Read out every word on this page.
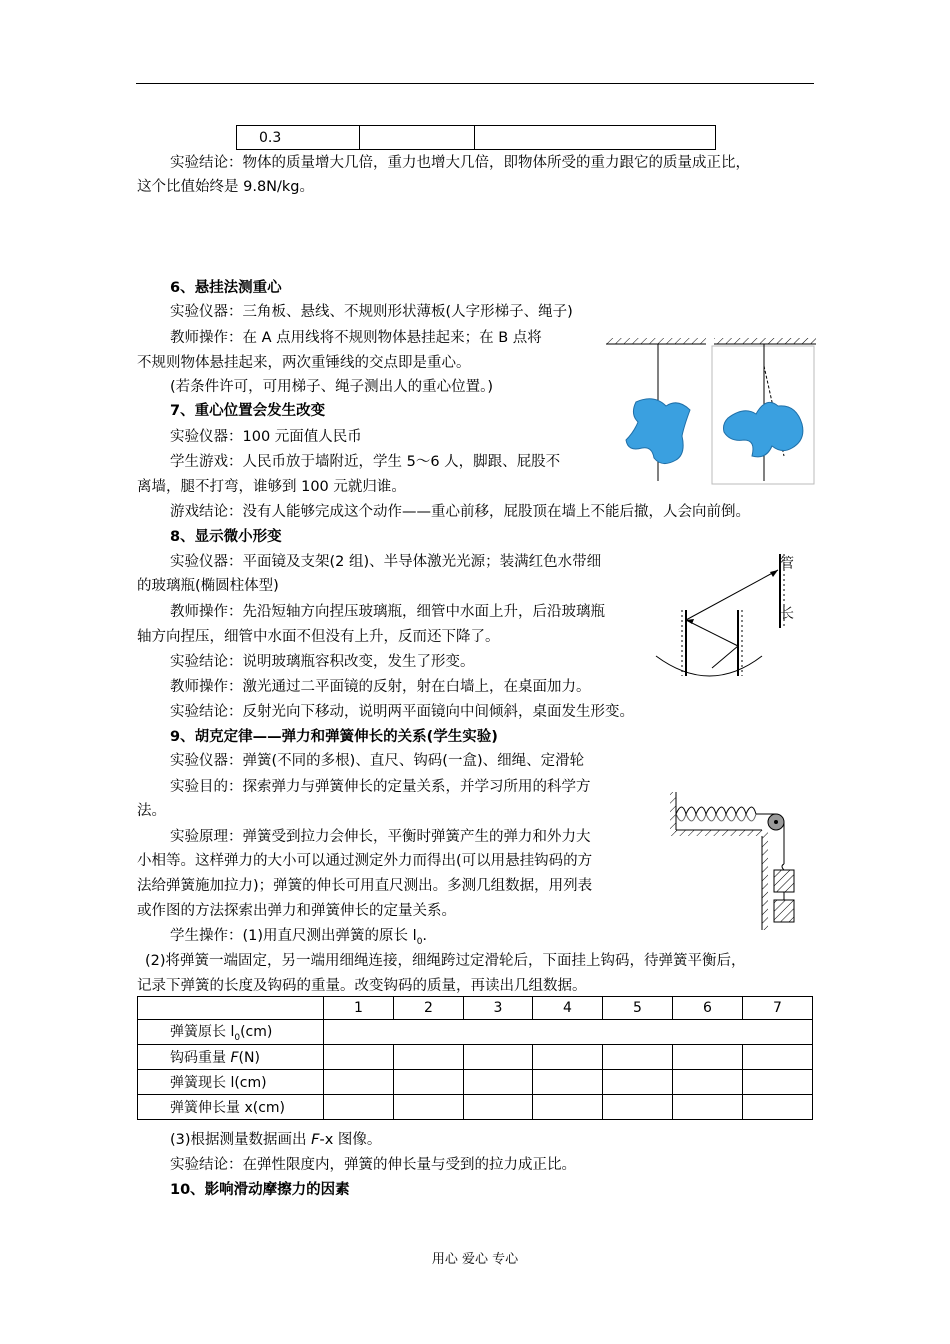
0.3		
实验结论：物体的质量增大几倍，重力也增大几倍，即物体所受的重力跟它的质量成正比，
这个比值始终是 9.8N/kg。
6、悬挂法测重心
实验仪器：三角板、悬线、不规则形状薄板(人字形梯子、绳子)
教师操作：在 A 点用线将不规则物体悬挂起来；在 B 点将
不规则物体悬挂起来，两次重锤线的交点即是重心。
(若条件许可，可用梯子、绳子测出人的重心位置。)
7、重心位置会发生改变
实验仪器：100 元面值人民币
学生游戏：人民币放于墙附近，学生 5～6 人，脚跟、屁股不
离墙，腿不打弯，谁够到 100 元就归谁。
游戏结论：没有人能够完成这个动作——重心前移，屁股顶在墙上不能后撤，人会向前倒。
8、显示微小形变
实验仪器：平面镜及支架(2 组)、半导体激光光源；装满红色水带细
的玻璃瓶(椭圆柱体型)
教师操作：先沿短轴方向捏压玻璃瓶，细管中水面上升，后沿玻璃瓶
轴方向捏压，细管中水面不但没有上升，反而还下降了。
实验结论：说明玻璃瓶容积改变，发生了形变。
教师操作：激光通过二平面镜的反射，射在白墙上，在桌面加力。
实验结论：反射光向下移动，说明两平面镜向中间倾斜，桌面发生形变。
管
长
9、胡克定律——弹力和弹簧伸长的关系(学生实验)
实验仪器：弹簧(不同的多根)、直尺、钩码(一盒)、细绳、定滑轮
实验目的：探索弹力与弹簧伸长的定量关系，并学习所用的科学方
法。
实验原理：弹簧受到拉力会伸长，平衡时弹簧产生的弹力和外力大
小相等。这样弹力的大小可以通过测定外力而得出(可以用悬挂钩码的方
法给弹簧施加拉力)；弹簧的伸长可用直尺测出。多测几组数据，用列表
或作图的方法探索出弹力和弹簧伸长的定量关系。
学生操作：(1)用直尺测出弹簧的原长 $l_0$.
(2)将弹簧一端固定，另一端用细绳连接，细绳跨过定滑轮后，下面挂上钩码，待弹簧平衡后，
记录下弹簧的长度及钩码的重量。改变钩码的质量，再读出几组数据。
	1	2	3	4	5	6	7
弹簧原长 $l_0(cm)$							
钩码重量 F(N)							
弹簧现长 l(cm)							
弹簧伸长量 x(cm)							
(3)根据测量数据画出 F-x 图像。
实验结论：在弹性限度内，弹簧的伸长量与受到的拉力成正比。
10、影响滑动摩擦力的因素
用心 爱心 专心
